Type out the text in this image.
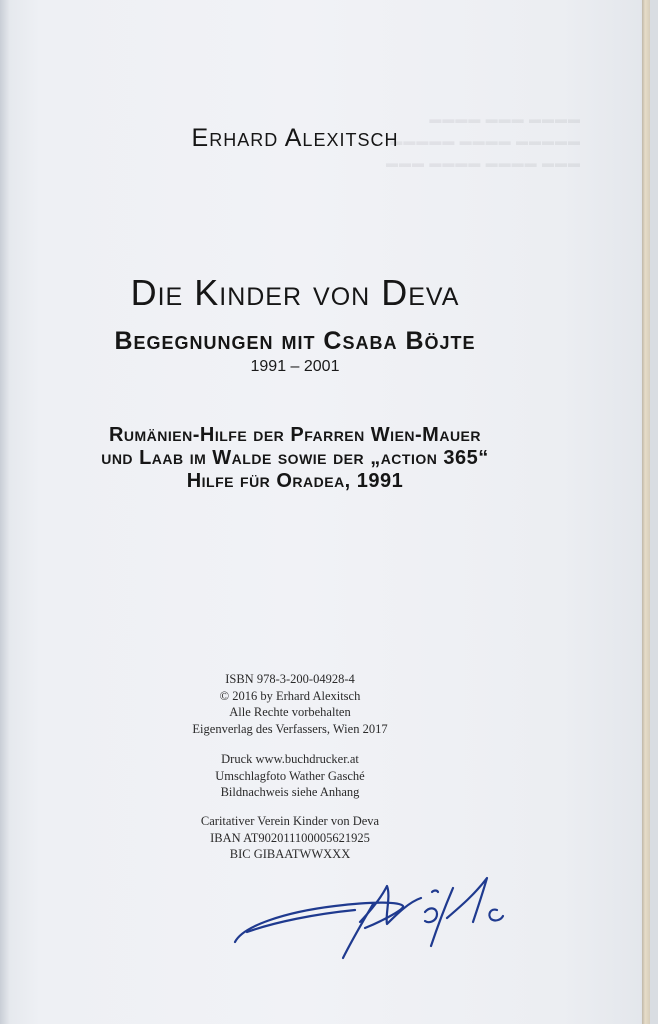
▬▬▬▬ ▬▬▬ ▬▬▬▬
▬▬▬▬▬ ▬▬▬▬ ▬▬▬▬▬
▬▬▬ ▬▬▬▬ ▬▬▬▬ ▬▬▬
Erhard Alexitsch
Die Kinder von Deva
Begegnungen mit Csaba Böjte
1991 – 2001
Rumänien-Hilfe der Pfarren Wien-Mauer
und Laab im Walde sowie der „action 365“
Hilfe für Oradea, 1991
ISBN 978-3-200-04928-4
© 2016 by Erhard Alexitsch
Alle Rechte vorbehalten
Eigenverlag des Verfassers, Wien 2017
Druck www.buchdrucker.at
Umschlagfoto Wather Gasché
Bildnachweis siehe Anhang
Caritativer Verein Kinder von Deva
IBAN AT902011100005621925
BIC GIBAATWWXXX
